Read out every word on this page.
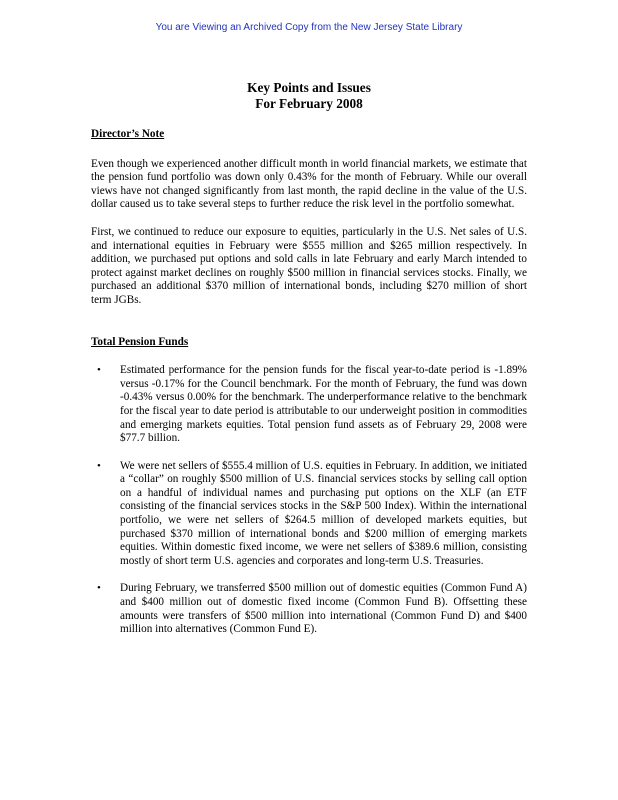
You are Viewing an Archived Copy from the New Jersey State Library
Key Points and Issues
For February 2008

Director’s Note

Even though we experienced another difficult month in world financial markets, we estimate that the pension fund portfolio was down only 0.43% for the month of February. While our overall views have not changed significantly from last month, the rapid decline in the value of the U.S. dollar caused us to take several steps to further reduce the risk level in the portfolio somewhat.

First, we continued to reduce our exposure to equities, particularly in the U.S. Net sales of U.S. and international equities in February were $555 million and $265 million respectively. In addition, we purchased put options and sold calls in late February and early March intended to protect against market declines on roughly $500 million in financial services stocks. Finally, we purchased an additional $370 million of international bonds, including $270 million of short term JGBs.

Total Pension Funds

• Estimated performance for the pension funds for the fiscal year-to-date period is -1.89% versus -0.17% for the Council benchmark. For the month of February, the fund was down -0.43% versus 0.00% for the benchmark. The underperformance relative to the benchmark for the fiscal year to date period is attributable to our underweight position in commodities and emerging markets equities. Total pension fund assets as of February 29, 2008 were $77.7 billion.
• We were net sellers of $555.4 million of U.S. equities in February. In addition, we initiated a “collar” on roughly $500 million of U.S. financial services stocks by selling call option on a handful of individual names and purchasing put options on the XLF (an ETF consisting of the financial services stocks in the S&P 500 Index). Within the international portfolio, we were net sellers of $264.5 million of developed markets equities, but purchased $370 million of international bonds and $200 million of emerging markets equities. Within domestic fixed income, we were net sellers of $389.6 million, consisting mostly of short term U.S. agencies and corporates and long-term U.S. Treasuries.
• During February, we transferred $500 million out of domestic equities (Common Fund A) and $400 million out of domestic fixed income (Common Fund B). Offsetting these amounts were transfers of $500 million into international (Common Fund D) and $400 million into alternatives (Common Fund E).
